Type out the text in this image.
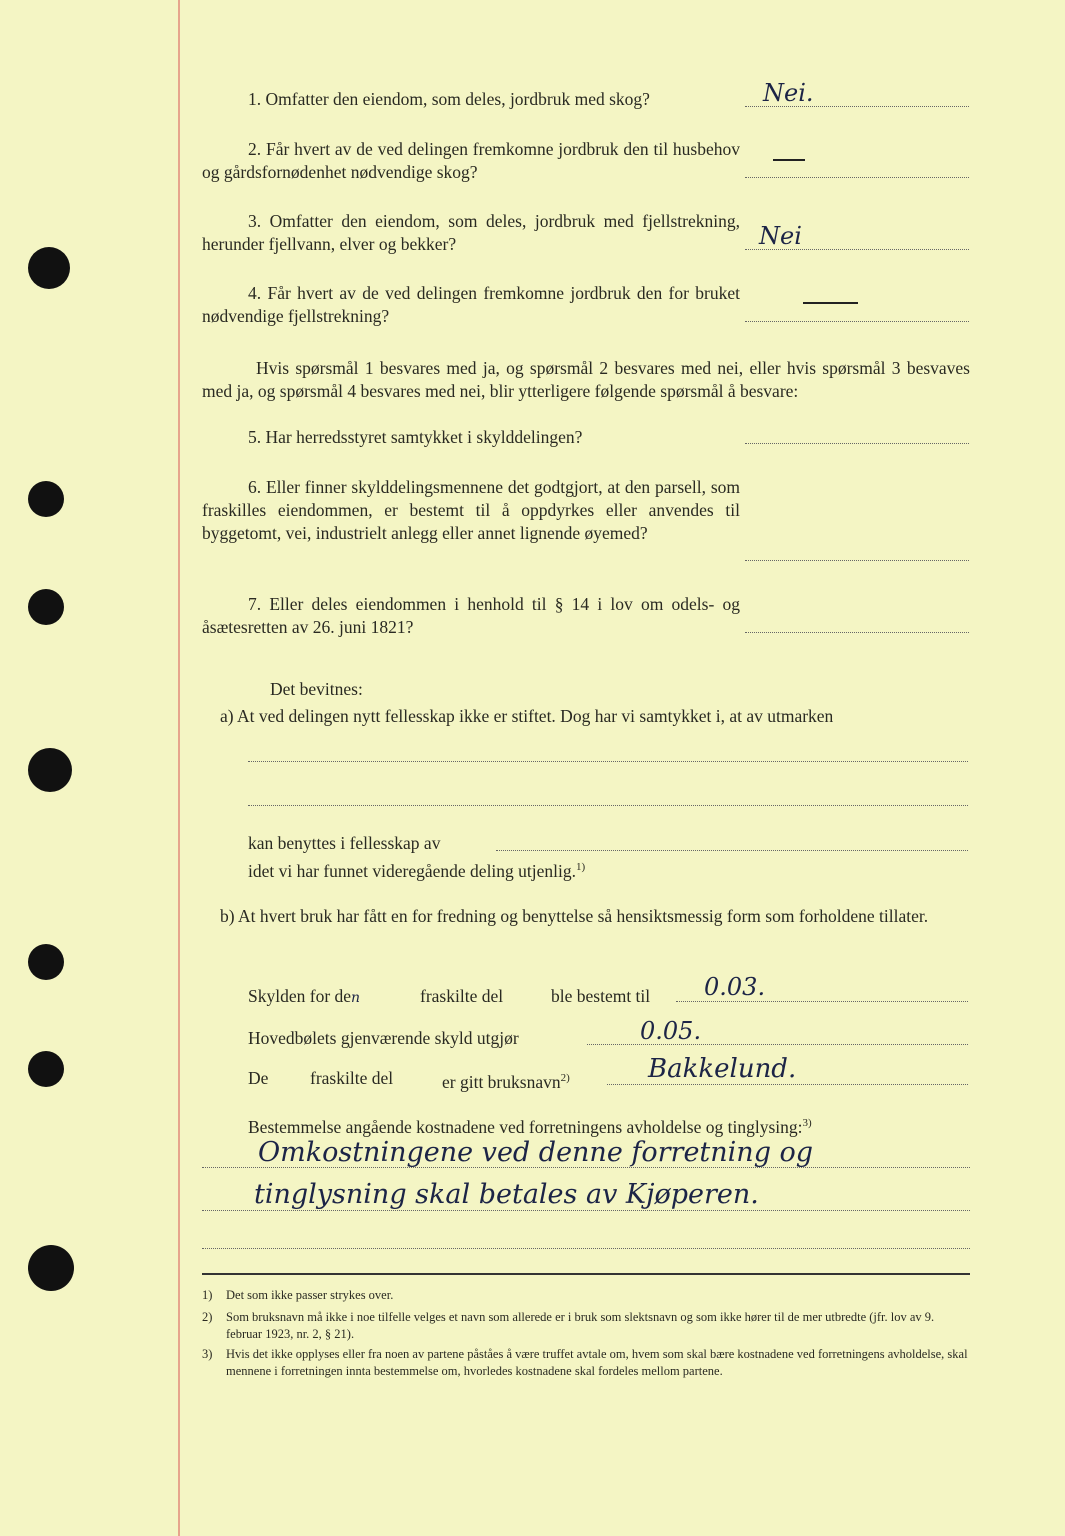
1. Omfatter den eiendom, som deles, jordbruk med skog?	Nei.
2. Får hvert av de ved delingen fremkomne jordbruk den til husbehov og gårdsfornødenhet nødvendige skog?
3. Omfatter den eiendom, som deles, jordbruk med fjellstrekning, herunder fjellvann, elver og bekker?	Nei
4. Får hvert av de ved delingen fremkomne jordbruk den for bruket nødvendige fjellstrekning?
Hvis spørsmål 1 besvares med ja, og spørsmål 2 besvares med nei, eller hvis spørsmål 3 besvaves med ja, og spørsmål 4 besvares med nei, blir ytterligere følgende spørsmål å besvare:
5. Har herredsstyret samtykket i skylddelingen?
6. Eller finner skylddelingsmennene det godtgjort, at den parsell, som fraskilles eiendommen, er bestemt til å oppdyrkes eller anvendes til byggetomt, vei, industrielt anlegg eller annet lignende øyemed?
7. Eller deles eiendommen i henhold til § 14 i lov om odels- og åsætesretten av 26. juni 1821?
Det bevitnes:
a) At ved delingen nytt fellesskap ikke er stiftet. Dog har vi samtykket i, at av utmarken
kan benyttes i fellesskap av
idet vi har funnet videregående deling utjenlig.$^{1)}$
b) At hvert bruk har fått en for fredning og benyttelse så hensiktsmessig form som forholdene tillater.
Skylden for den	fraskilte del	ble bestemt til 0.03.
Hovedbølets gjenværende skyld utgjør	0.05.
De fraskilte del	er gitt bruksnavn$^{2)}$	Bakkelund.
Bestemmelse angående kostnadene ved forretningens avholdelse og tinglysing:$^{3)}$
Omkostningene ved denne forretning og
tinglysning skal betales av Kjøperen.
1)	Det som ikke passer strykes over.
2)	Som bruksnavn må ikke i noe tilfelle velges et navn som allerede er i bruk som slektsnavn og som ikke hører til de mer utbredte (jfr. lov av 9. februar 1923, nr. 2, § 21).
3)	Hvis det ikke opplyses eller fra noen av partene påståes å være truffet avtale om, hvem som skal bære kostnadene ved forretningens avholdelse, skal mennene i forretningen innta bestemmelse om, hvorledes kostnadene skal fordeles mellom partene.
